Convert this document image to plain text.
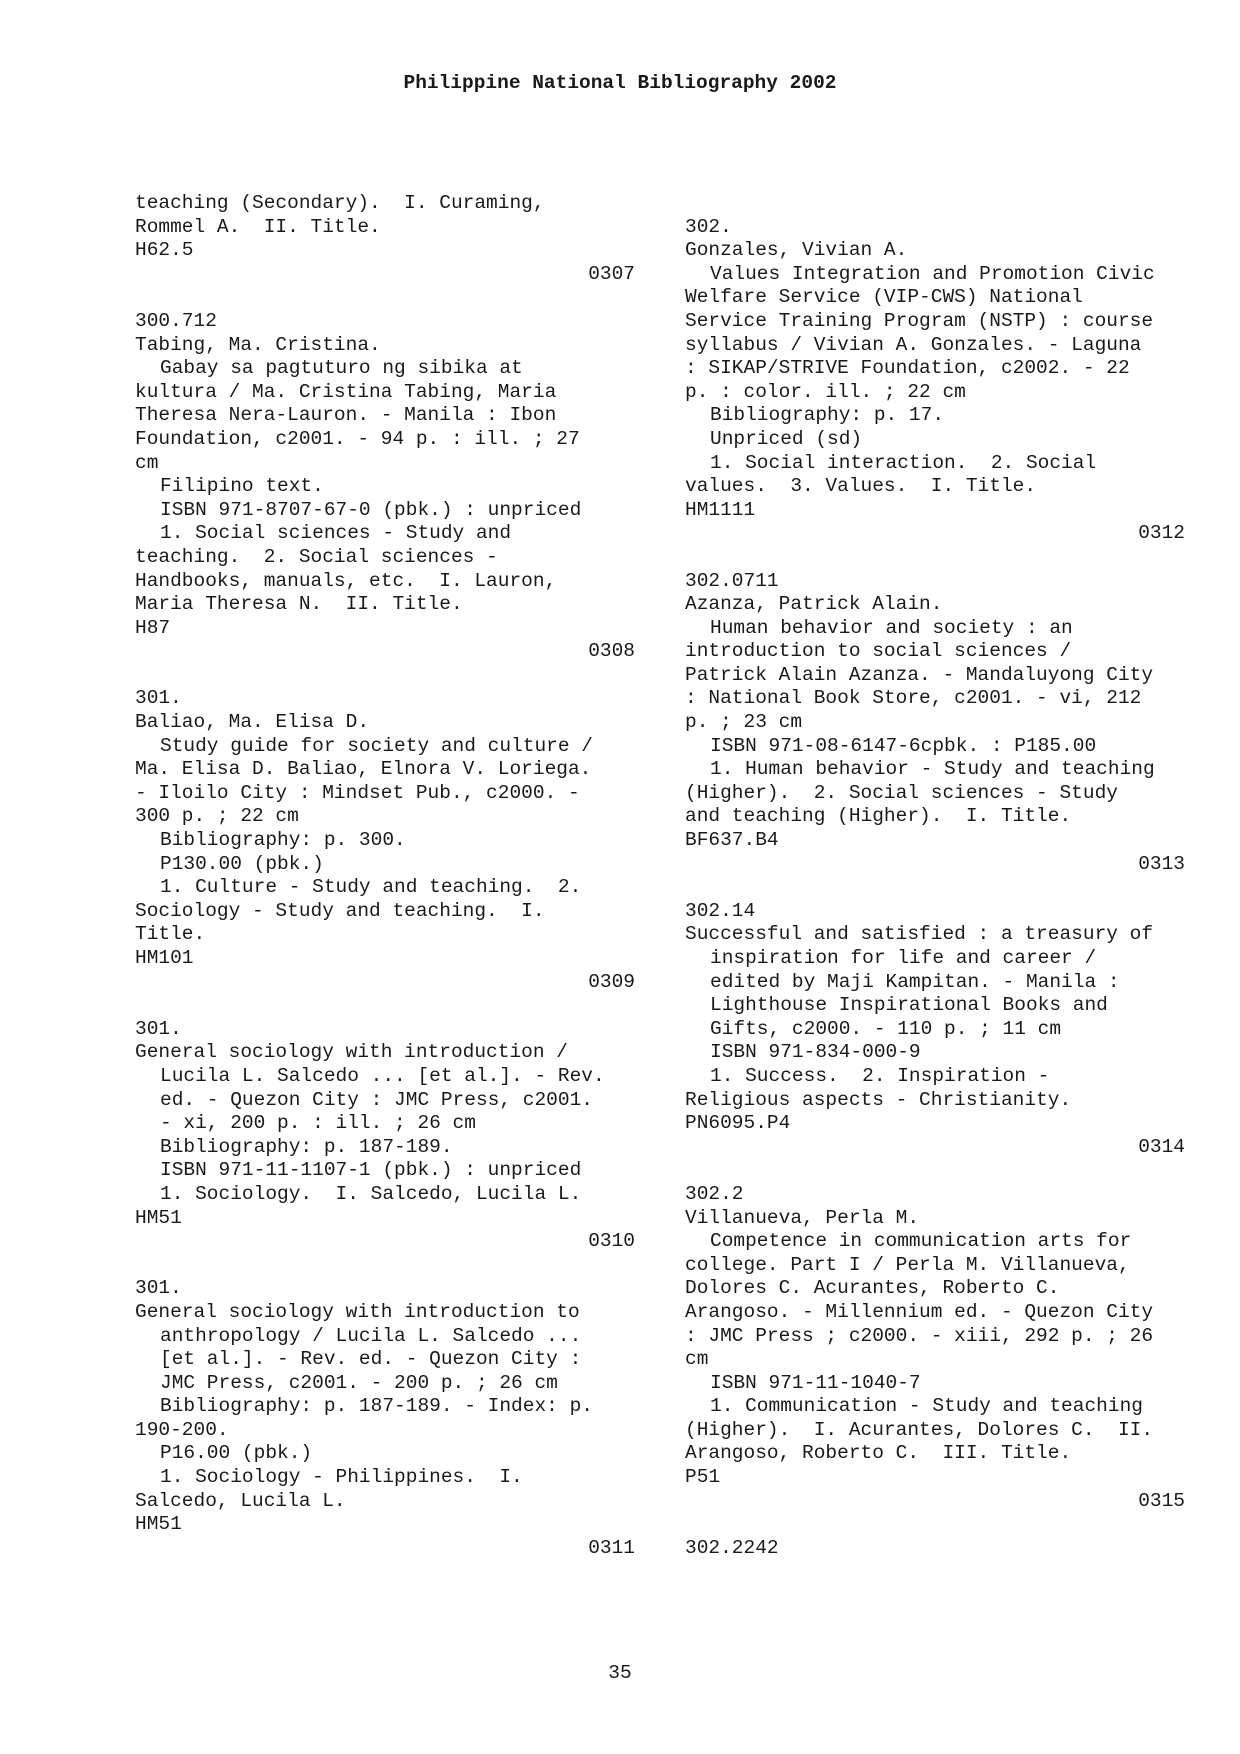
Philippine National Bibliography 2002
teaching (Secondary).  I. Curaming,
Rommel A.  II. Title.
H62.5
0307
300.712
Tabing, Ma. Cristina.
Gabay sa pagtuturo ng sibika at
kultura / Ma. Cristina Tabing, Maria
Theresa Nera-Lauron. - Manila : Ibon
Foundation, c2001. - 94 p. : ill. ; 27
cm
Filipino text.
ISBN 971-8707-67-0 (pbk.) : unpriced
1. Social sciences - Study and
teaching.  2. Social sciences -
Handbooks, manuals, etc.  I. Lauron,
Maria Theresa N.  II. Title.
H87
0308
301.
Baliao, Ma. Elisa D.
Study guide for society and culture /
Ma. Elisa D. Baliao, Elnora V. Loriega.
- Iloilo City : Mindset Pub., c2000. -
300 p. ; 22 cm
Bibliography: p. 300.
P130.00 (pbk.)
1. Culture - Study and teaching.  2.
Sociology - Study and teaching.  I.
Title.
HM101
0309
301.
General sociology with introduction /
Lucila L. Salcedo ... [et al.]. - Rev.
ed. - Quezon City : JMC Press, c2001.
- xi, 200 p. : ill. ; 26 cm
Bibliography: p. 187-189.
ISBN 971-11-1107-1 (pbk.) : unpriced
1. Sociology.  I. Salcedo, Lucila L.
HM51
0310
301.
General sociology with introduction to
anthropology / Lucila L. Salcedo ...
[et al.]. - Rev. ed. - Quezon City :
JMC Press, c2001. - 200 p. ; 26 cm
Bibliography: p. 187-189. - Index: p.
190-200.
P16.00 (pbk.)
1. Sociology - Philippines.  I.
Salcedo, Lucila L.
HM51
0311
302.
Gonzales, Vivian A.
Values Integration and Promotion Civic
Welfare Service (VIP-CWS) National
Service Training Program (NSTP) : course
syllabus / Vivian A. Gonzales. - Laguna
: SIKAP/STRIVE Foundation, c2002. - 22
p. : color. ill. ; 22 cm
Bibliography: p. 17.
Unpriced (sd)
1. Social interaction.  2. Social
values.  3. Values.  I. Title.
HM1111
0312
302.0711
Azanza, Patrick Alain.
Human behavior and society : an
introduction to social sciences /
Patrick Alain Azanza. - Mandaluyong City
: National Book Store, c2001. - vi, 212
p. ; 23 cm
ISBN 971-08-6147-6cpbk. : P185.00
1. Human behavior - Study and teaching
(Higher).  2. Social sciences - Study
and teaching (Higher).  I. Title.
BF637.B4
0313
302.14
Successful and satisfied : a treasury of
inspiration for life and career /
edited by Maji Kampitan. - Manila :
Lighthouse Inspirational Books and
Gifts, c2000. - 110 p. ; 11 cm
ISBN 971-834-000-9
1. Success.  2. Inspiration -
Religious aspects - Christianity.
PN6095.P4
0314
302.2
Villanueva, Perla M.
Competence in communication arts for
college. Part I / Perla M. Villanueva,
Dolores C. Acurantes, Roberto C.
Arangoso. - Millennium ed. - Quezon City
: JMC Press ; c2000. - xiii, 292 p. ; 26
cm
ISBN 971-11-1040-7
1. Communication - Study and teaching
(Higher).  I. Acurantes, Dolores C.  II.
Arangoso, Roberto C.  III. Title.
P51
0315
302.2242
35
